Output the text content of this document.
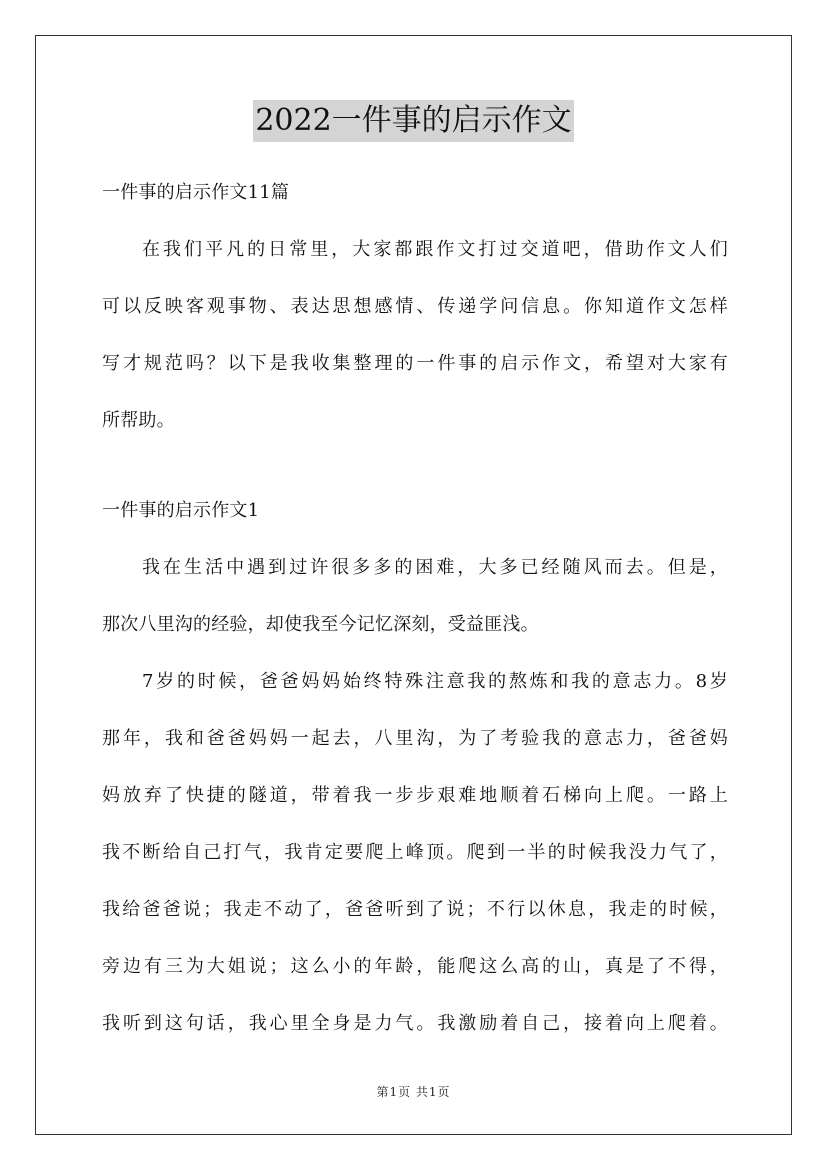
2022一件事的启示作文
一件事的启示作文11篇
在我们平凡的日常里，大家都跟作文打过交道吧，借助作文人们
可以反映客观事物、表达思想感情、传递学问信息。你知道作文怎样
写才规范吗？以下是我收集整理的一件事的启示作文，希望对大家有
所帮助。
一件事的启示作文1
我在生活中遇到过许很多多的困难，大多已经随风而去。但是，
那次八里沟的经验，却使我至今记忆深刻，受益匪浅。
7岁的时候，爸爸妈妈始终特殊注意我的熬炼和我的意志力。8岁
那年，我和爸爸妈妈一起去，八里沟，为了考验我的意志力，爸爸妈
妈放弃了快捷的隧道，带着我一步步艰难地顺着石梯向上爬。一路上
我不断给自己打气，我肯定要爬上峰顶。爬到一半的时候我没力气了，
我给爸爸说；我走不动了，爸爸听到了说；不行以休息，我走的时候，
旁边有三为大姐说；这么小的年龄，能爬这么高的山，真是了不得，
我听到这句话，我心里全身是力气。我激励着自己，接着向上爬着。
第1页 共1页
